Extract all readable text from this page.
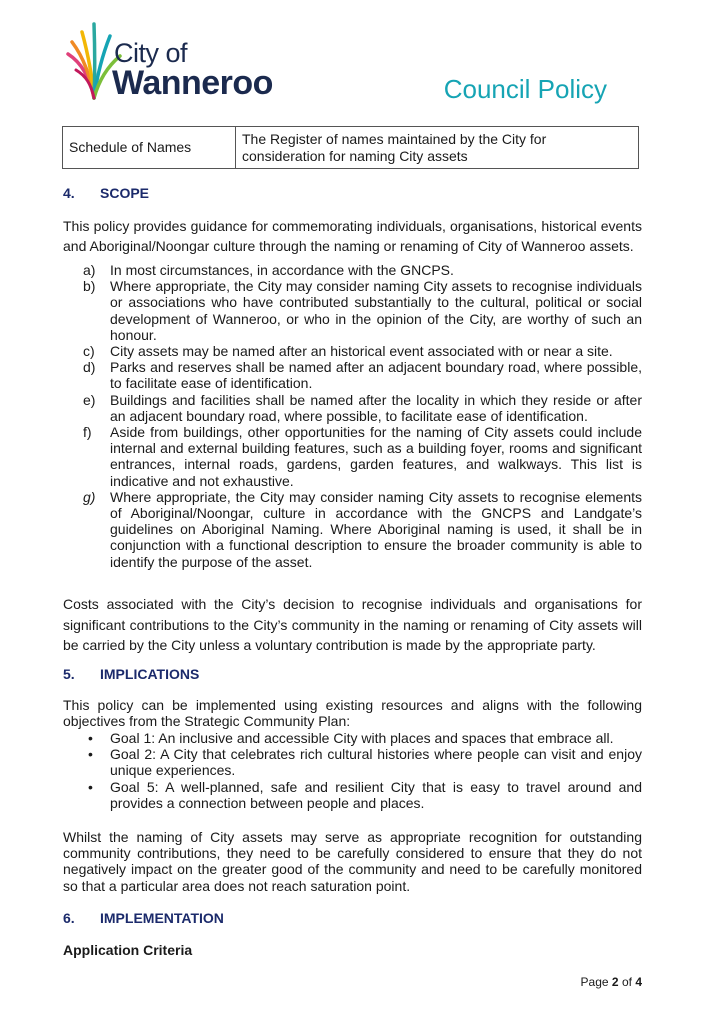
City of
Wanneroo	Council Policy
Schedule of Names	The Register of names maintained by the City for consideration for naming City assets
4. SCOPE

This policy provides guidance for commemorating individuals, organisations, historical events and Aboriginal/Noongar culture through the naming or renaming of City of Wanneroo assets.

a) In most circumstances, in accordance with the GNCPS.
b) Where appropriate, the City may consider naming City assets to recognise individuals or associations who have contributed substantially to the cultural, political or social development of Wanneroo, or who in the opinion of the City, are worthy of such an honour.
c) City assets may be named after an historical event associated with or near a site.
d) Parks and reserves shall be named after an adjacent boundary road, where possible, to facilitate ease of identification.
e) Buildings and facilities shall be named after the locality in which they reside or after an adjacent boundary road, where possible, to facilitate ease of identification.
f) Aside from buildings, other opportunities for the naming of City assets could include internal and external building features, such as a building foyer, rooms and significant entrances, internal roads, gardens, garden features, and walkways. This list is indicative and not exhaustive.
g) Where appropriate, the City may consider naming City assets to recognise elements of Aboriginal/Noongar, culture in accordance with the GNCPS and Landgate’s guidelines on Aboriginal Naming. Where Aboriginal naming is used, it shall be in conjunction with a functional description to ensure the broader community is able to identify the purpose of the asset.

Costs associated with the City’s decision to recognise individuals and organisations for significant contributions to the City’s community in the naming or renaming of City assets will be carried by the City unless a voluntary contribution is made by the appropriate party.

5. IMPLICATIONS

This policy can be implemented using existing resources and aligns with the following objectives from the Strategic Community Plan:

• Goal 1: An inclusive and accessible City with places and spaces that embrace all.
• Goal 2: A City that celebrates rich cultural histories where people can visit and enjoy unique experiences.
• Goal 5: A well-planned, safe and resilient City that is easy to travel around and provides a connection between people and places.

Whilst the naming of City assets may serve as appropriate recognition for outstanding community contributions, they need to be carefully considered to ensure that they do not negatively impact on the greater good of the community and need to be carefully monitored so that a particular area does not reach saturation point.

6. IMPLEMENTATION
Application Criteria
Page 2 of 4
